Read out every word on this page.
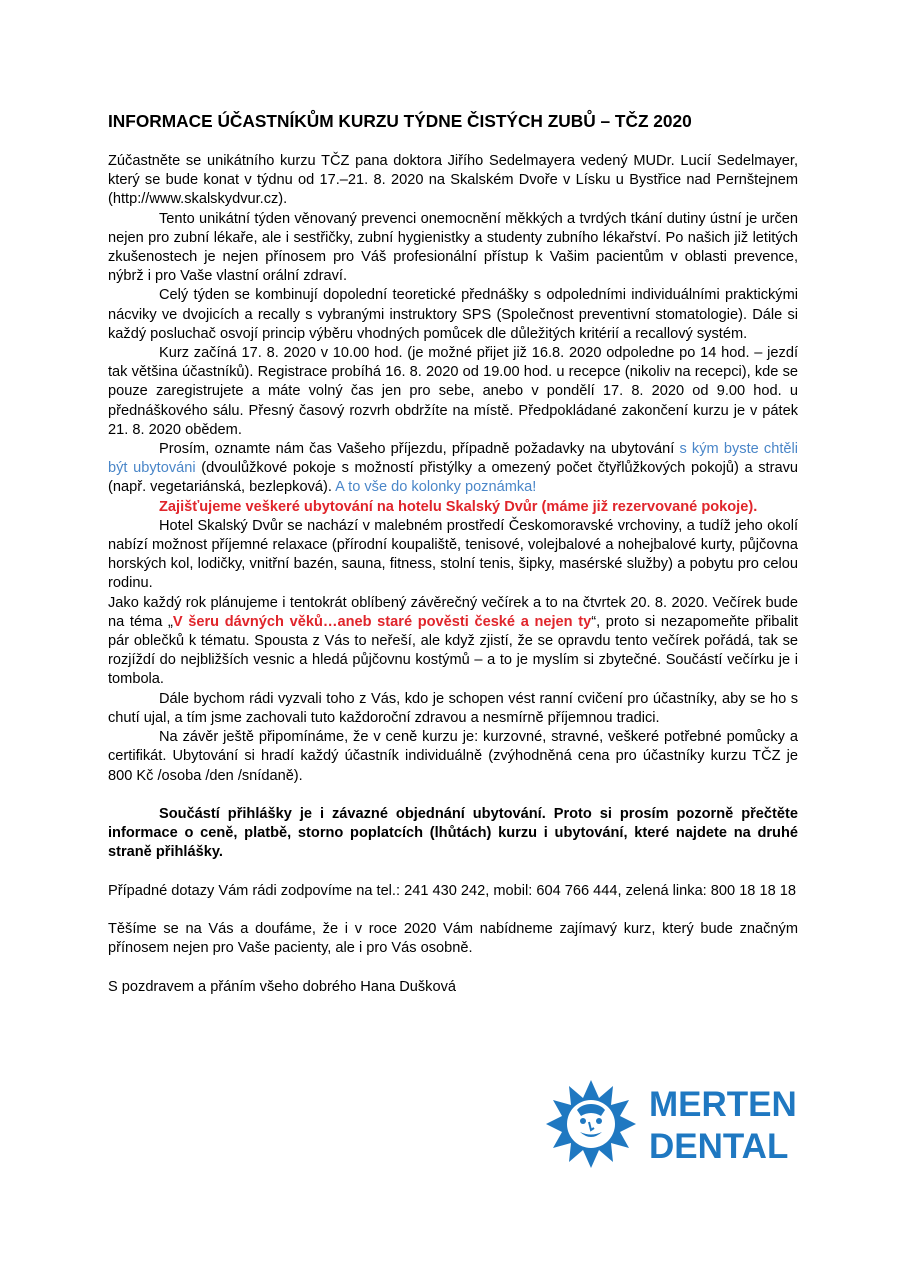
INFORMACE ÚČASTNÍKŮM KURZU TÝDNE ČISTÝCH ZUBŮ – TČZ 2020

Zúčastněte se unikátního kurzu TČZ pana doktora Jiřího Sedelmayera vedený MUDr. Lucií Sedelmayer, který se bude konat v týdnu od 17.–21. 8. 2020 na Skalském Dvoře v Lísku u Bystřice nad Pernštejnem (http://www.skalskydvur.cz).

Tento unikátní týden věnovaný prevenci onemocnění měkkých a tvrdých tkání dutiny ústní je určen nejen pro zubní lékaře, ale i sestřičky, zubní hygienistky a studenty zubního lékařství. Po našich již letitých zkušenostech je nejen přínosem pro Váš profesionální přístup k Vašim pacientům v oblasti prevence, nýbrž i pro Vaše vlastní orální zdraví.

Celý týden se kombinují dopolední teoretické přednášky s odpoledními individuálními praktickými nácviky ve dvojicích a recally s vybranými instruktory SPS (Společnost preventivní stomatologie). Dále si každý posluchač osvojí princip výběru vhodných pomůcek dle důležitých kritérií a recallový systém.

Kurz začíná 17. 8. 2020 v 10.00 hod. (je možné přijet již 16.8. 2020 odpoledne po 14 hod. – jezdí tak většina účastníků). Registrace probíhá 16. 8. 2020 od 19.00 hod. u recepce (nikoliv na recepci), kde se pouze zaregistrujete a máte volný čas jen pro sebe, anebo v pondělí 17. 8. 2020 od 9.00 hod. u přednáškového sálu. Přesný časový rozvrh obdržíte na místě. Předpokládané zakončení kurzu je v pátek 21. 8. 2020 obědem.

Prosím, oznamte nám čas Vašeho příjezdu, případně požadavky na ubytování s kým byste chtěli být ubytováni (dvoulůžkové pokoje s možností přistýlky a omezený počet čtyřlůžkových pokojů) a stravu (např. vegetariánská, bezlepková). A to vše do kolonky poznámka!

Zajišťujeme veškeré ubytování na hotelu Skalský Dvůr (máme již rezervované pokoje).

Hotel Skalský Dvůr se nachází v malebném prostředí Českomoravské vrchoviny, a tudíž jeho okolí nabízí možnost příjemné relaxace (přírodní koupaliště, tenisové, volejbalové a nohejbalové kurty, půjčovna horských kol, lodičky, vnitřní bazén, sauna, fitness, stolní tenis, šipky, masérské služby) a pobytu pro celou rodinu.

Jako každý rok plánujeme i tentokrát oblíbený závěrečný večírek a to na čtvrtek 20. 8. 2020. Večírek bude na téma „V šeru dávných věků…aneb staré pověsti české a nejen ty“, proto si nezapomeňte přibalit pár oblečků k tématu. Spousta z Vás to neřeší, ale když zjistí, že se opravdu tento večírek pořádá, tak se rozjíždí do nejbližších vesnic a hledá půjčovnu kostýmů – a to je myslím si zbytečné. Součástí večírku je i tombola.

Dále bychom rádi vyzvali toho z Vás, kdo je schopen vést ranní cvičení pro účastníky, aby se ho s chutí ujal, a tím jsme zachovali tuto každoroční zdravou a nesmírně příjemnou tradici.

Na závěr ještě připomínáme, že v ceně kurzu je: kurzovné, stravné, veškeré potřebné pomůcky a certifikát. Ubytování si hradí každý účastník individuálně (zvýhodněná cena pro účastníky kurzu TČZ je 800 Kč /osoba /den /snídaně).

Součástí přihlášky je i závazné objednání ubytování. Proto si prosím pozorně přečtěte informace o ceně, platbě, storno poplatcích (lhůtách) kurzu i ubytování, které najdete na druhé straně přihlášky.

Případné dotazy Vám rádi zodpovíme na tel.: 241 430 242, mobil: 604 766 444, zelená linka: 800 18 18 18

Těšíme se na Vás a doufáme, že i v roce 2020 Vám nabídneme zajímavý kurz, který bude značným přínosem nejen pro Vaše pacienty, ale i pro Vás osobně.

S pozdravem a přáním všeho dobrého Hana Dušková

MERTEN
DENTAL
